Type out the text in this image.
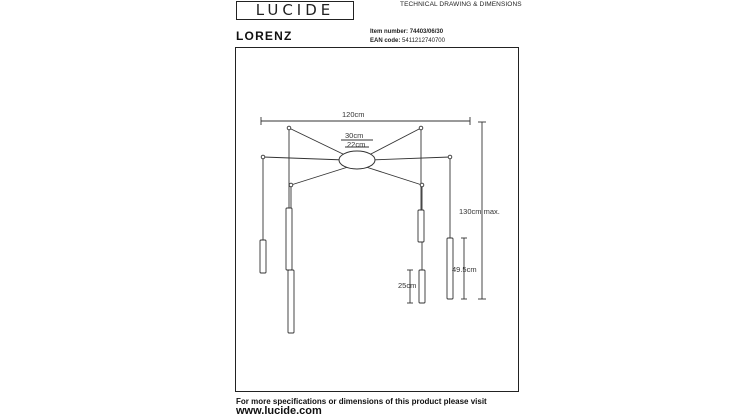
LUCIDE	TECHNICAL DRAWING & DIMENSIONS
LORENZ	Item number: 74403/06/30
EAN code: 5411212740700
120cm
30cm
22cm
130cm max.
49.5cm
25cm
For more specifications or dimensions of this product please visit
www.lucide.com
